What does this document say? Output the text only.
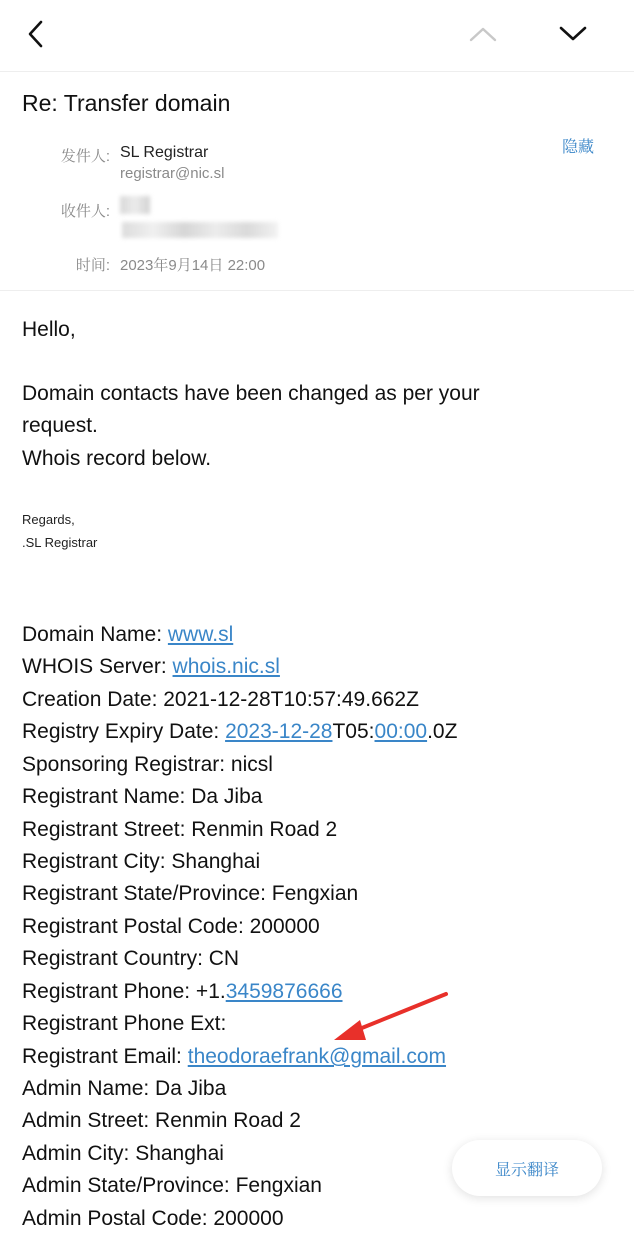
Re: Transfer domain
隐藏
发件人: SL Registrar
registrar@nic.sl
收件人:
时间: 2023年9月14日 22:00
Hello,
Domain contacts have been changed as per your
request.
Whois record below.
Regards,
.SL Registrar
Domain Name: www.sl
WHOIS Server: whois.nic.sl
Creation Date: 2021-12-28T10:57:49.662Z
Registry Expiry Date: 2023-12-28T05:00:00.0Z
Sponsoring Registrar: nicsl
Registrant Name: Da Jiba
Registrant Street: Renmin Road 2
Registrant City: Shanghai
Registrant State/Province: Fengxian
Registrant Postal Code: 200000
Registrant Country: CN
Registrant Phone: +1.3459876666
Registrant Phone Ext:
Registrant Email: theodoraefrank@gmail.com
Admin Name: Da Jiba
Admin Street: Renmin Road 2
Admin City: Shanghai
Admin State/Province: Fengxian
Admin Postal Code: 200000
显示翻译
